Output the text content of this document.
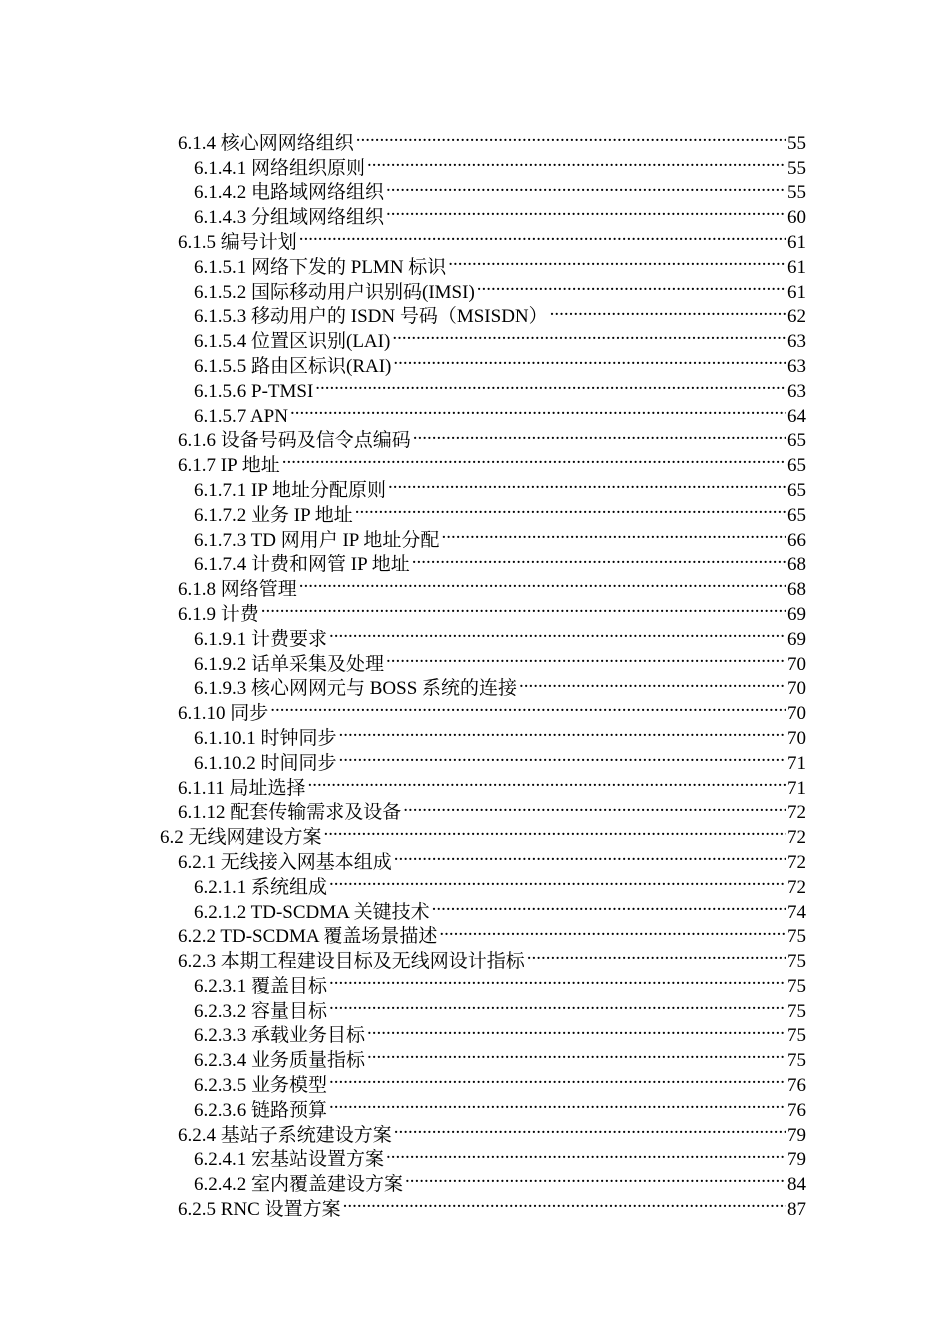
6.1.4 核心网网络组织 .....	55
6.1.4.1 网络组织原则 .....	55
6.1.4.2 电路域网络组织 .....	55
6.1.4.3 分组域网络组织 .....	60
6.1.5 编号计划 .....	61
6.1.5.1 网络下发的 PLMN 标识 .....	61
6.1.5.2 国际移动用户识别码(IMSI) .....	61
6.1.5.3 移动用户的 ISDN 号码（MSISDN） .....	62
6.1.5.4 位置区识别(LAI) .....	63
6.1.5.5 路由区标识(RAI) .....	63
6.1.5.6 P-TMSI .....	63
6.1.5.7 APN .....	64
6.1.6 设备号码及信令点编码 .....	65
6.1.7 IP 地址 .....	65
6.1.7.1 IP 地址分配原则 .....	65
6.1.7.2 业务 IP 地址 .....	65
6.1.7.3 TD 网用户 IP 地址分配 .....	66
6.1.7.4 计费和网管 IP 地址 .....	68
6.1.8 网络管理 .....	68
6.1.9 计费 .....	69
6.1.9.1 计费要求 .....	69
6.1.9.2 话单采集及处理 .....	70
6.1.9.3 核心网网元与 BOSS 系统的连接 .....	70
6.1.10 同步 .....	70
6.1.10.1 时钟同步 .....	70
6.1.10.2 时间同步 .....	71
6.1.11 局址选择 .....	71
6.1.12 配套传输需求及设备 .....	72
6.2 无线网建设方案 .....	72
6.2.1 无线接入网基本组成 .....	72
6.2.1.1 系统组成 .....	72
6.2.1.2 TD-SCDMA 关键技术 .....	74
6.2.2 TD-SCDMA 覆盖场景描述 .....	75
6.2.3 本期工程建设目标及无线网设计指标 .....	75
6.2.3.1 覆盖目标 .....	75
6.2.3.2 容量目标 .....	75
6.2.3.3 承载业务目标 .....	75
6.2.3.4 业务质量指标 .....	75
6.2.3.5 业务模型 .....	76
6.2.3.6 链路预算 .....	76
6.2.4 基站子系统建设方案 .....	79
6.2.4.1 宏基站设置方案 .....	79
6.2.4.2 室内覆盖建设方案 .....	84
6.2.5 RNC 设置方案 .....	87
